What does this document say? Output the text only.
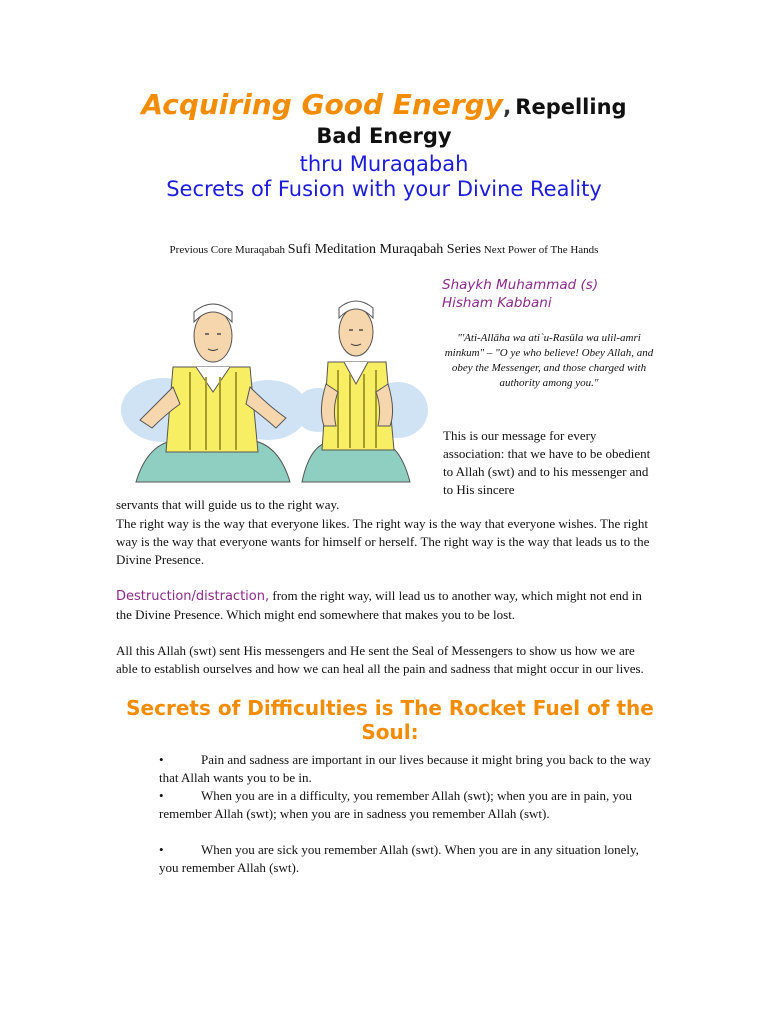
Acquiring Good Energy, Repelling
Bad Energy
thru Muraqabah
Secrets of Fusion with your Divine Reality
Previous Core Muraqabah Sufi Meditation Muraqabah Series Next Power of The Hands
Shaykh Muhammad (s)
Hisham Kabbani
"'Ati-Allāha wa ati`u-Rasūla wa ulil-amri minkum" – "O ye who believe! Obey Allah, and obey the Messenger, and those charged with authority among you."
This is our message for every association: that we have to be obedient to Allah (swt) and to his messenger and to His sincere
servants that will guide us to the right way.
The right way is the way that everyone likes. The right way is the way that everyone wishes. The right way is the way that everyone wants for himself or herself. The right way is the way that leads us to the Divine Presence.
Destruction/distraction, from the right way, will lead us to another way, which might not end in the Divine Presence. Which might end somewhere that makes you to be lost.
All this Allah (swt) sent His messengers and He sent the Seal of Messengers to show us how we are able to establish ourselves and how we can heal all the pain and sadness that might occur in our lives.
Secrets of Difficulties is The Rocket Fuel of the Soul:
•	Pain and sadness are important in our lives because it might bring you back to the way that Allah wants you to be in.
•	When you are in a difficulty, you remember Allah (swt); when you are in pain, you remember Allah (swt); when you are in sadness you remember Allah (swt).
•	When you are sick you remember Allah (swt). When you are in any situation lonely, you remember Allah (swt).
